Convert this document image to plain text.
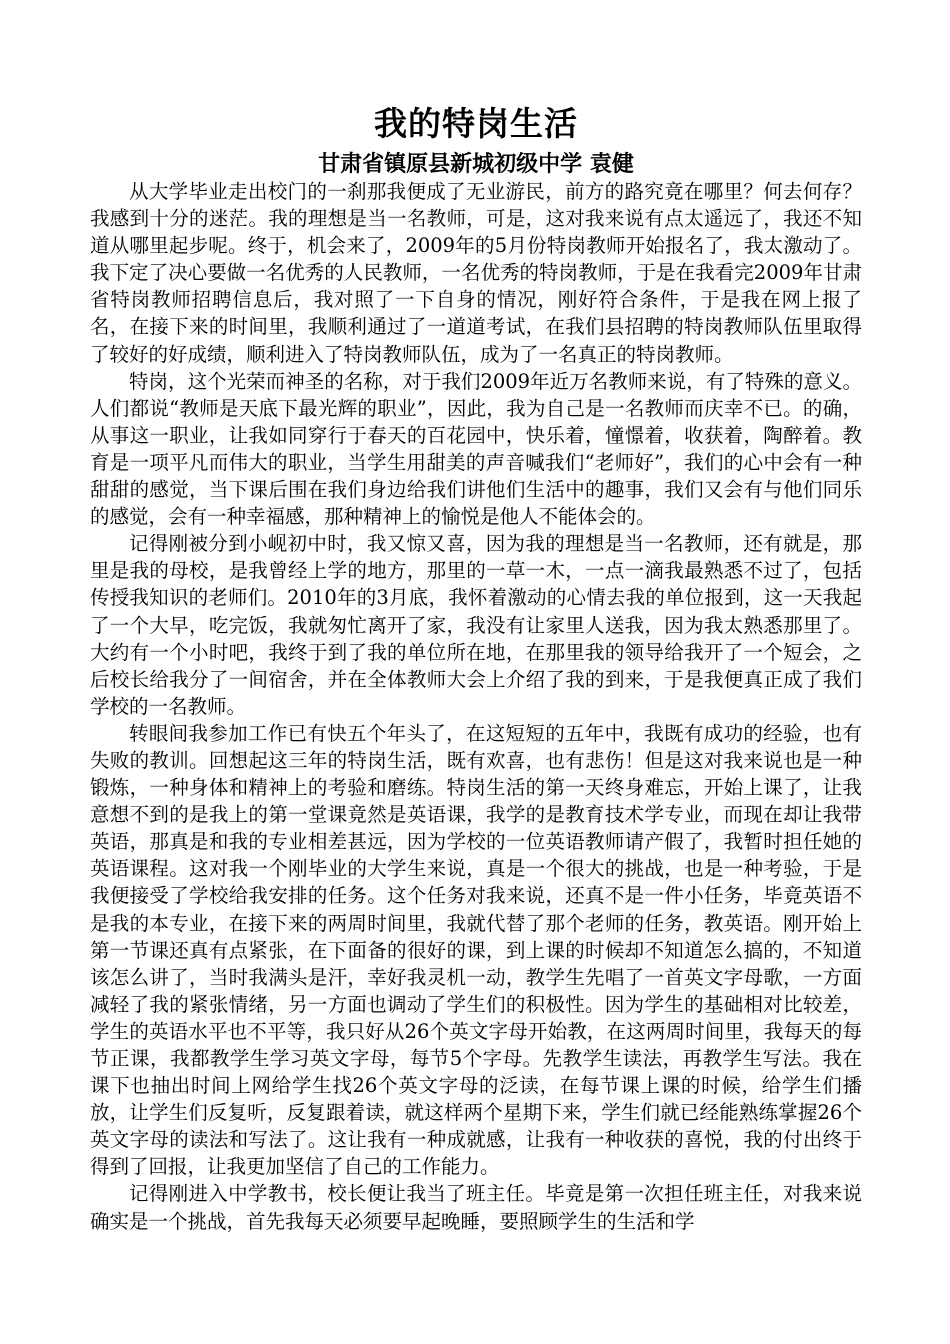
我的特岗生活

甘肃省镇原县新城初级中学 袁健

从大学毕业走出校门的一刹那我便成了无业游民，前方的路究竟在哪里？何去何存？我感到十分的迷茫。我的理想是当一名教师，可是，这对我来说有点太遥远了，我还不知道从哪里起步呢。终于，机会来了，2009年的5月份特岗教师开始报名了，我太激动了。我下定了决心要做一名优秀的人民教师，一名优秀的特岗教师，于是在我看完2009年甘肃省特岗教师招聘信息后，我对照了一下自身的情况，刚好符合条件，于是我在网上报了名，在接下来的时间里，我顺利通过了一道道考试，在我们县招聘的特岗教师队伍里取得了较好的好成绩，顺利进入了特岗教师队伍，成为了一名真正的特岗教师。

特岗，这个光荣而神圣的名称，对于我们2009年近万名教师来说，有了特殊的意义。人们都说“教师是天底下最光辉的职业”，因此，我为自己是一名教师而庆幸不已。的确，从事这一职业，让我如同穿行于春天的百花园中，快乐着，憧憬着，收获着，陶醉着。教育是一项平凡而伟大的职业，当学生用甜美的声音喊我们“老师好”，我们的心中会有一种甜甜的感觉，当下课后围在我们身边给我们讲他们生活中的趣事，我们又会有与他们同乐的感觉，会有一种幸福感，那种精神上的愉悦是他人不能体会的。

记得刚被分到小岘初中时，我又惊又喜，因为我的理想是当一名教师，还有就是，那里是我的母校，是我曾经上学的地方，那里的一草一木，一点一滴我最熟悉不过了，包括传授我知识的老师们。2010年的3月底，我怀着激动的心情去我的单位报到，这一天我起了一个大早，吃完饭，我就匆忙离开了家，我没有让家里人送我，因为我太熟悉那里了。大约有一个小时吧，我终于到了我的单位所在地，在那里我的领导给我开了一个短会，之后校长给我分了一间宿舍，并在全体教师大会上介绍了我的到来，于是我便真正成了我们学校的一名教师。

转眼间我参加工作已有快五个年头了，在这短短的五年中，我既有成功的经验，也有失败的教训。回想起这三年的特岗生活，既有欢喜，也有悲伤！但是这对我来说也是一种锻炼，一种身体和精神上的考验和磨练。特岗生活的第一天终身难忘，开始上课了，让我意想不到的是我上的第一堂课竟然是英语课，我学的是教育技术学专业，而现在却让我带英语，那真是和我的专业相差甚远，因为学校的一位英语教师请产假了，我暂时担任她的英语课程。这对我一个刚毕业的大学生来说，真是一个很大的挑战，也是一种考验，于是我便接受了学校给我安排的任务。这个任务对我来说，还真不是一件小任务，毕竟英语不是我的本专业，在接下来的两周时间里，我就代替了那个老师的任务，教英语。刚开始上第一节课还真有点紧张，在下面备的很好的课，到上课的时候却不知道怎么搞的，不知道该怎么讲了，当时我满头是汗，幸好我灵机一动，教学生先唱了一首英文字母歌，一方面减轻了我的紧张情绪，另一方面也调动了学生们的积极性。因为学生的基础相对比较差，学生的英语水平也不平等，我只好从26个英文字母开始教，在这两周时间里，我每天的每节正课，我都教学生学习英文字母，每节5个字母。先教学生读法，再教学生写法。我在课下也抽出时间上网给学生找26个英文字母的泛读，在每节课上课的时候，给学生们播放，让学生们反复听，反复跟着读，就这样两个星期下来，学生们就已经能熟练掌握26个英文字母的读法和写法了。这让我有一种成就感，让我有一种收获的喜悦，我的付出终于得到了回报，让我更加坚信了自己的工作能力。

记得刚进入中学教书，校长便让我当了班主任。毕竟是第一次担任班主任，对我来说确实是一个挑战，首先我每天必须要早起晚睡，要照顾学生的生活和学
